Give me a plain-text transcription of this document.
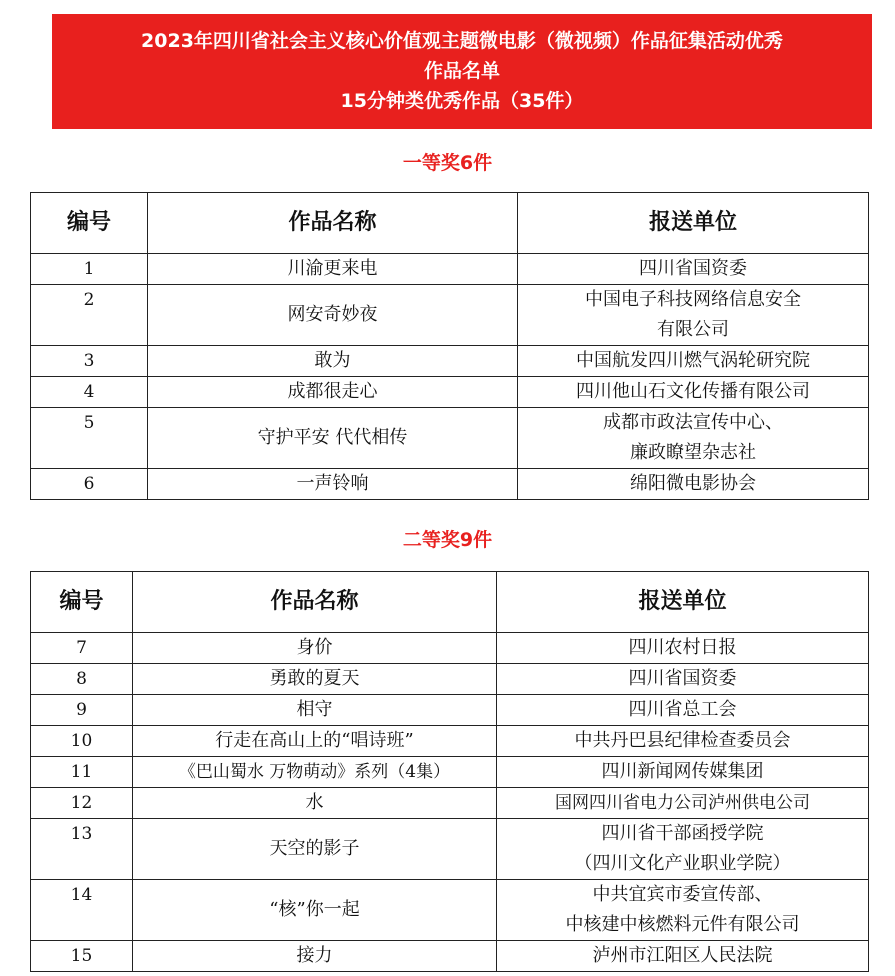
2023年四川省社会主义核心价值观主题微电影（微视频）作品征集活动优秀
作品名单
15分钟类优秀作品（35件）
一等奖6件
编号	作品名称	报送单位
1	川渝更来电	四川省国资委
2	网安奇妙夜	中国电子科技网络信息安全
有限公司
3	敢为	中国航发四川燃气涡轮研究院
4	成都很走心	四川他山石文化传播有限公司
5	守护平安 代代相传	成都市政法宣传中心、
廉政瞭望杂志社
6	一声铃响	绵阳微电影协会
二等奖9件
编号	作品名称	报送单位
7	身价	四川农村日报
8	勇敢的夏天	四川省国资委
9	相守	四川省总工会
10	行走在高山上的“唱诗班”	中共丹巴县纪律检查委员会
11	《巴山蜀水 万物萌动》系列（4集）	四川新闻网传媒集团
12	水	国网四川省电力公司泸州供电公司
13	天空的影子	四川省干部函授学院
（四川文化产业职业学院）
14	“核”你一起	中共宜宾市委宣传部、
中核建中核燃料元件有限公司
15	接力	泸州市江阳区人民法院
